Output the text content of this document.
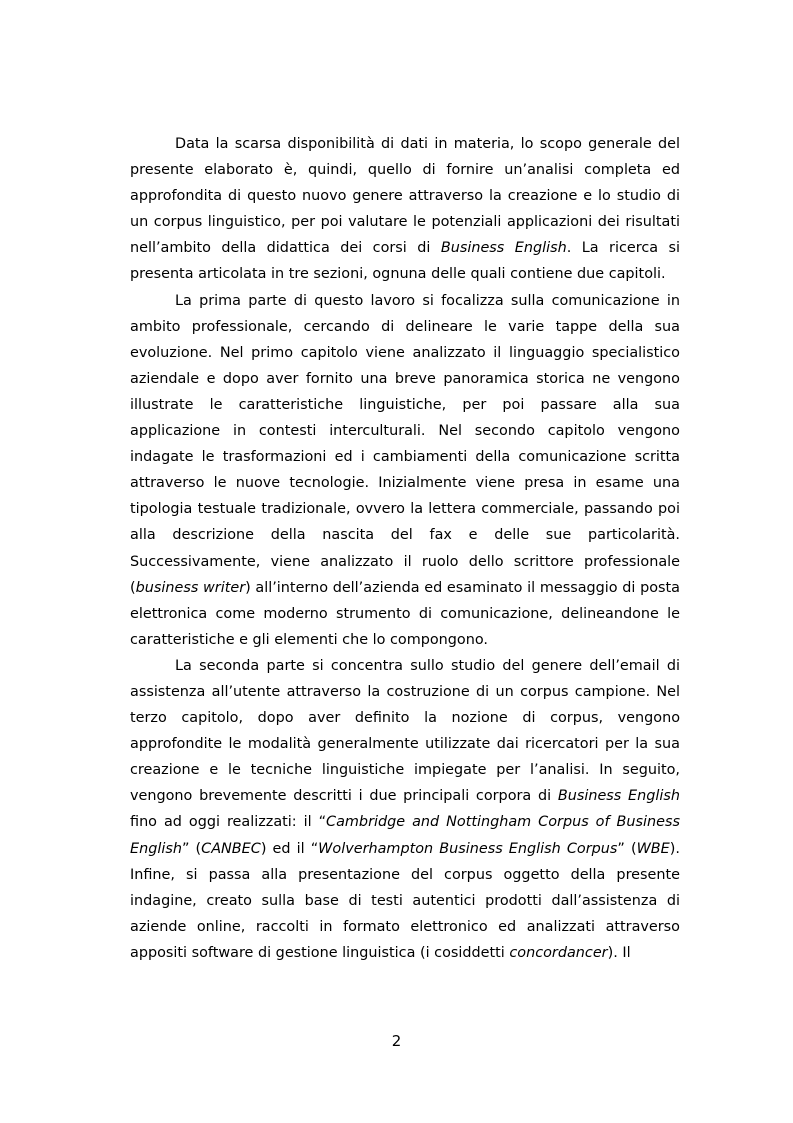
Data la scarsa disponibilità di dati in materia, lo scopo generale del presente elaborato è, quindi, quello di fornire un’analisi completa ed approfondita di questo nuovo genere attraverso la creazione e lo studio di un corpus linguistico, per poi valutare le potenziali applicazioni dei risultati nell’ambito della didattica dei corsi di Business English. La ricerca si presenta articolata in tre sezioni, ognuna delle quali contiene due capitoli.

La prima parte di questo lavoro si focalizza sulla comunicazione in ambito professionale, cercando di delineare le varie tappe della sua evoluzione. Nel primo capitolo viene analizzato il linguaggio specialistico aziendale e dopo aver fornito una breve panoramica storica ne vengono illustrate le caratteristiche linguistiche, per poi passare alla sua applicazione in contesti interculturali. Nel secondo capitolo vengono indagate le trasformazioni ed i cambiamenti della comunicazione scritta attraverso le nuove tecnologie. Inizialmente viene presa in esame una tipologia testuale tradizionale, ovvero la lettera commerciale, passando poi alla descrizione della nascita del fax e delle sue particolarità. Successivamente, viene analizzato il ruolo dello scrittore professionale (business writer) all’interno dell’azienda ed esaminato il messaggio di posta elettronica come moderno strumento di comunicazione, delineandone le caratteristiche e gli elementi che lo compongono.

La seconda parte si concentra sullo studio del genere dell’email di assistenza all’utente attraverso la costruzione di un corpus campione. Nel terzo capitolo, dopo aver definito la nozione di corpus, vengono approfondite le modalità generalmente utilizzate dai ricercatori per la sua creazione e le tecniche linguistiche impiegate per l’analisi. In seguito, vengono brevemente descritti i due principali corpora di Business English fino ad oggi realizzati: il “Cambridge and Nottingham Corpus of Business English” (CANBEC) ed il “Wolverhampton Business English Corpus” (WBE). Infine, si passa alla presentazione del corpus oggetto della presente indagine, creato sulla base di testi autentici prodotti dall’assistenza di aziende online, raccolti in formato elettronico ed analizzati attraverso appositi software di gestione linguistica (i cosiddetti concordancer). Il

2
